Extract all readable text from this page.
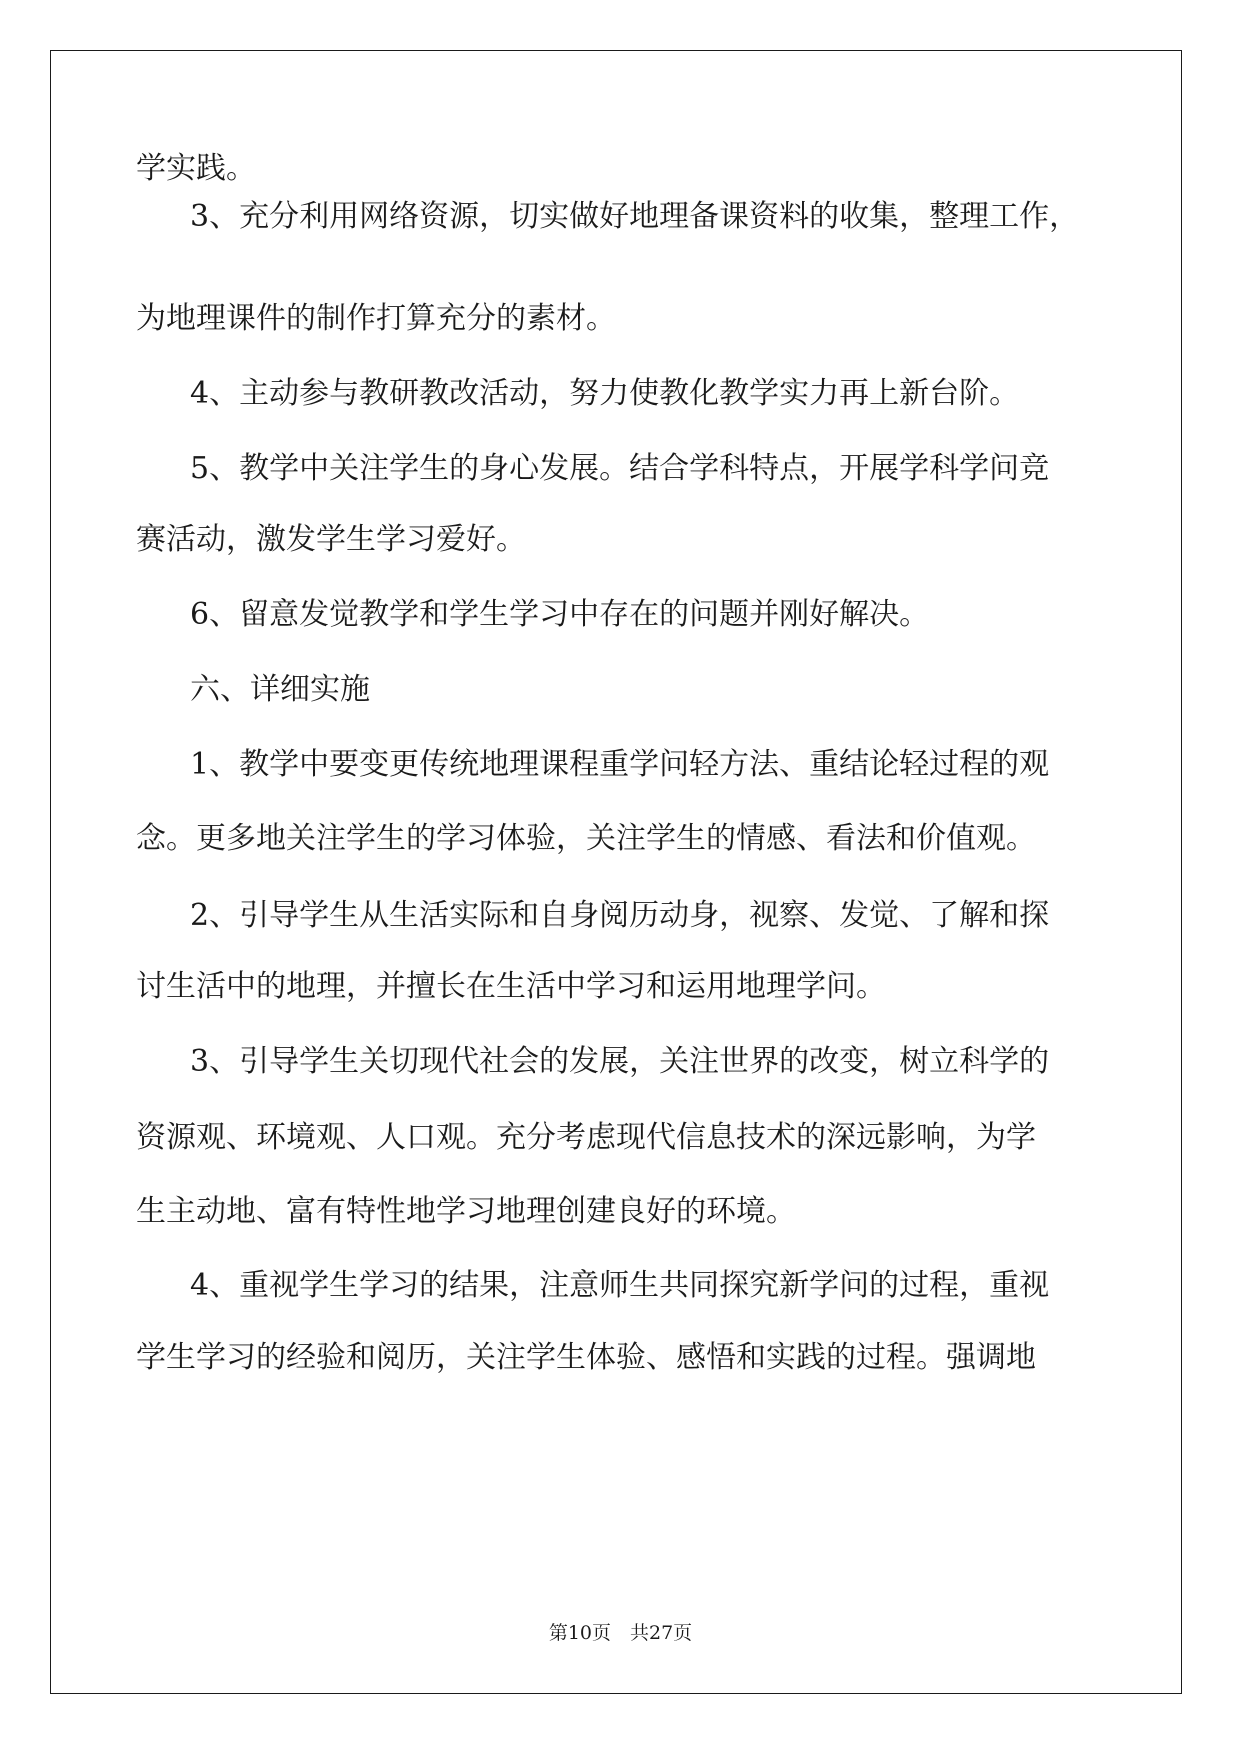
学实践。

3、充分利用网络资源，切实做好地理备课资料的收集，整理工作，

为地理课件的制作打算充分的素材。

4、主动参与教研教改活动，努力使教化教学实力再上新台阶。

5、教学中关注学生的身心发展。结合学科特点，开展学科学问竞

赛活动，激发学生学习爱好。

6、留意发觉教学和学生学习中存在的问题并刚好解决。

六、详细实施

1、教学中要变更传统地理课程重学问轻方法、重结论轻过程的观

念。更多地关注学生的学习体验，关注学生的情感、看法和价值观。

2、引导学生从生活实际和自身阅历动身，视察、发觉、了解和探

讨生活中的地理，并擅长在生活中学习和运用地理学问。

3、引导学生关切现代社会的发展，关注世界的改变，树立科学的

资源观、环境观、人口观。充分考虑现代信息技术的深远影响，为学

生主动地、富有特性地学习地理创建良好的环境。

4、重视学生学习的结果，注意师生共同探究新学问的过程，重视

学生学习的经验和阅历，关注学生体验、感悟和实践的过程。强调地

第10页　共27页
